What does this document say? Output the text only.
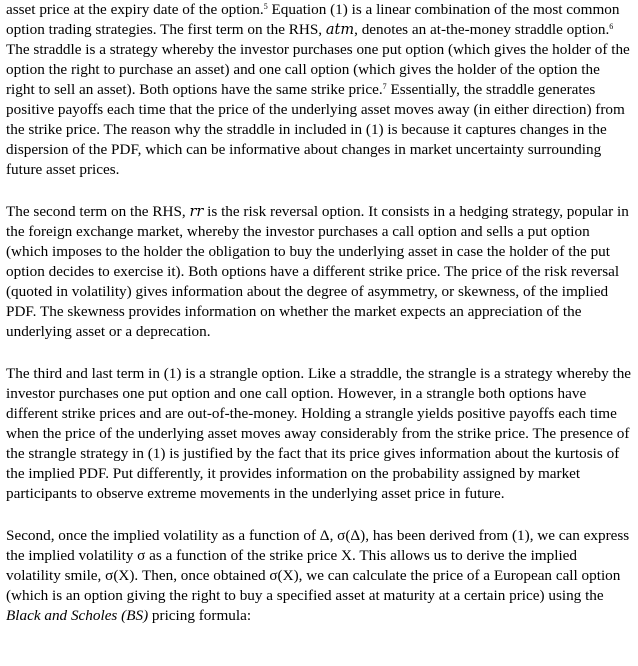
asset price at the expiry date of the option.$^5$ Equation (1) is a linear combination of the most common option trading strategies. The first term on the RHS, atm, denotes an at-the-money straddle option.$^6$ The straddle is a strategy whereby the investor purchases one put option (which gives the holder of the option the right to purchase an asset) and one call option (which gives the holder of the option the right to sell an asset). Both options have the same strike price.$^7$ Essentially, the straddle generates positive payoffs each time that the price of the underlying asset moves away (in either direction) from the strike price. The reason why the straddle in included in (1) is because it captures changes in the dispersion of the PDF, which can be informative about changes in market uncertainty surrounding future asset prices.

The second term on the RHS, rr is the risk reversal option. It consists in a hedging strategy, popular in the foreign exchange market, whereby the investor purchases a call option and sells a put option (which imposes to the holder the obligation to buy the underlying asset in case the holder of the put option decides to exercise it). Both options have a different strike price. The price of the risk reversal (quoted in volatility) gives information about the degree of asymmetry, or skewness, of the implied PDF. The skewness provides information on whether the market expects an appreciation of the underlying asset or a deprecation.

The third and last term in (1) is a strangle option. Like a straddle, the strangle is a strategy whereby the investor purchases one put option and one call option. However, in a strangle both options have different strike prices and are out-of-the-money. Holding a strangle yields positive payoffs each time when the price of the underlying asset moves away considerably from the strike price. The presence of the strangle strategy in (1) is justified by the fact that its price gives information about the kurtosis of the implied PDF. Put differently, it provides information on the probability assigned by market participants to observe extreme movements in the underlying asset price in future.

Second, once the implied volatility as a function of Δ, σ(Δ), has been derived from (1), we can express the implied volatility σ as a function of the strike price X. This allows us to derive the implied volatility smile, σ(X). Then, once obtained σ(X), we can calculate the price of a European call option (which is an option giving the right to buy a specified asset at maturity at a certain price) using the Black and Scholes (BS) pricing formula:
